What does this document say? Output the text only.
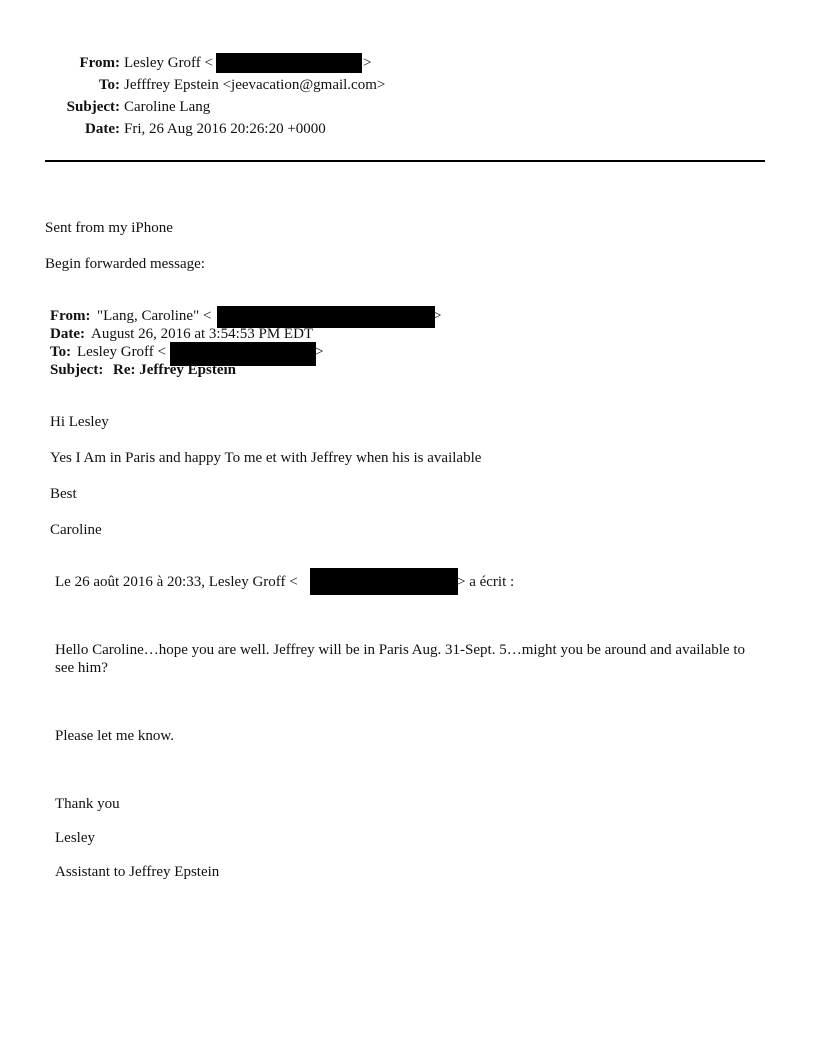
From: Lesley Groff <	>
To: Jefffrey Epstein <jeevacation@gmail.com>
Subject: Caroline Lang
Date: Fri, 26 Aug 2016 20:26:20 +0000
Sent from my iPhone
Begin forwarded message:
From: "Lang, Caroline" <	>
Date: August 26, 2016 at 3:54:53 PM EDT
To: Lesley Groff <	>
Subject: Re: Jeffrey Epstein
Hi Lesley
Yes I Am in Paris and happy To me et with Jeffrey when his is available
Best
Caroline
Le 26 août 2016 à 20:33, Lesley Groff <	> a écrit :
Hello Caroline…hope you are well. Jeffrey will be in Paris Aug. 31-Sept. 5…might you be around and available to see him?
Please let me know.
Thank you
Lesley
Assistant to Jeffrey Epstein
